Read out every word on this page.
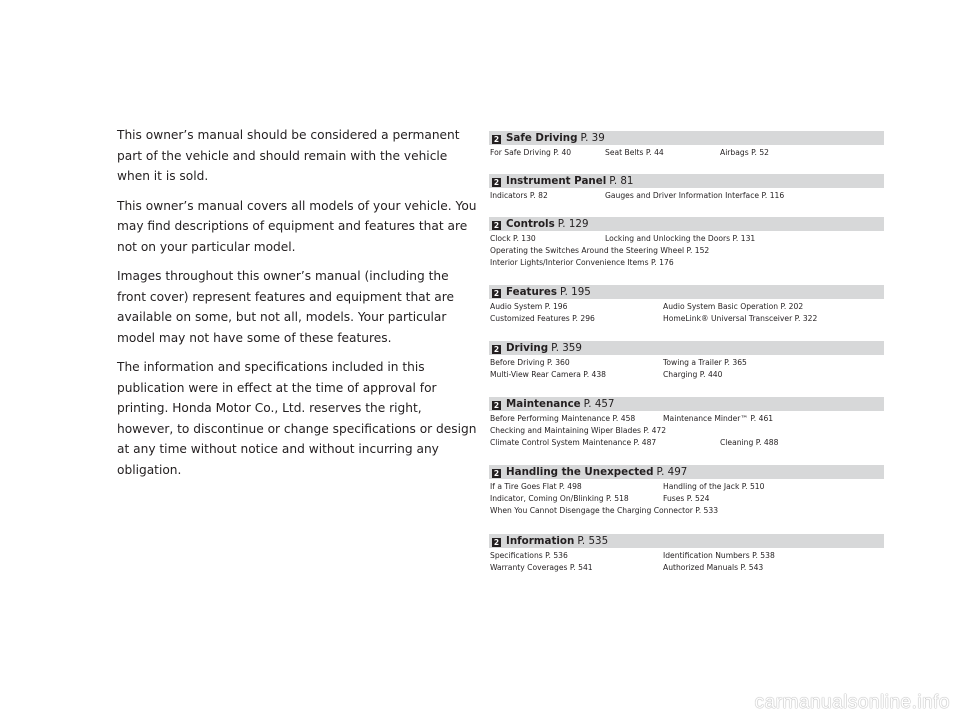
This owner’s manual should be considered a permanent part of the vehicle and should remain with the vehicle when it is sold.

This owner’s manual covers all models of your vehicle. You may find descriptions of equipment and features that are not on your particular model.

Images throughout this owner’s manual (including the front cover) represent features and equipment that are available on some, but not all, models. Your particular model may not have some of these features.

The information and specifications included in this publication were in effect at the time of approval for printing. Honda Motor Co., Ltd. reserves the right, however, to discontinue or change specifications or design at any time without notice and without incurring any obligation.

2 Safe Driving P. 39
For Safe Driving P. 40	Seat Belts P. 44	Airbags P. 52
2 Instrument Panel P. 81
Indicators P. 82	Gauges and Driver Information Interface P. 116
2 Controls P. 129
Clock P. 130	Locking and Unlocking the Doors P. 131
Operating the Switches Around the Steering Wheel P. 152
Interior Lights/Interior Convenience Items P. 176
2 Features P. 195
Audio System P. 196	Audio System Basic Operation P. 202
Customized Features P. 296	HomeLink® Universal Transceiver P. 322
2 Driving P. 359
Before Driving P. 360	Towing a Trailer P. 365
Multi-View Rear Camera P. 438	Charging P. 440
2 Maintenance P. 457
Before Performing Maintenance P. 458	Maintenance Minder™ P. 461
Checking and Maintaining Wiper Blades P. 472
Climate Control System Maintenance P. 487	Cleaning P. 488
2 Handling the Unexpected P. 497
If a Tire Goes Flat P. 498	Handling of the Jack P. 510
Indicator, Coming On/Blinking P. 518	Fuses P. 524
When You Cannot Disengage the Charging Connector P. 533
2 Information P. 535
Specifications P. 536	Identification Numbers P. 538
Warranty Coverages P. 541	Authorized Manuals P. 543
carmanualsonline.info
